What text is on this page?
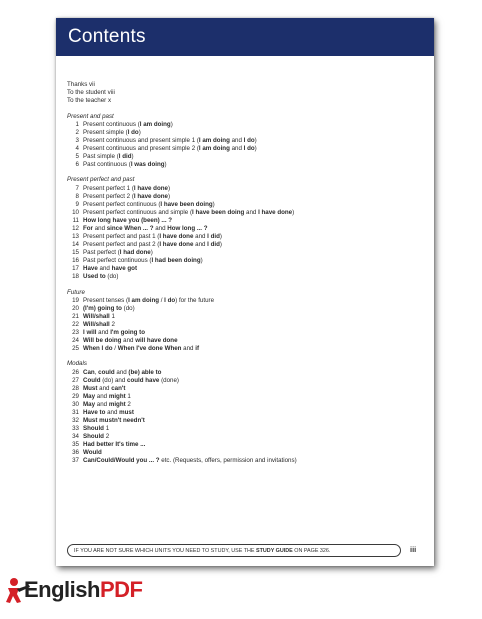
Contents
Thanks vii
To the student viii
To the teacher x
Present and past
1 Present continuous (I am doing)
2 Present simple (I do)
3 Present continuous and present simple 1 (I am doing and I do)
4 Present continuous and present simple 2 (I am doing and I do)
5 Past simple (I did)
6 Past continuous (I was doing)
Present perfect and past
7 Present perfect 1 (I have done)
8 Present perfect 2 (I have done)
9 Present perfect continuous (I have been doing)
10 Present perfect continuous and simple (I have been doing and I have done)
11 How long have you (been) ... ?
12 For and since When ... ? and How long ... ?
13 Present perfect and past 1 (I have done and I did)
14 Present perfect and past 2 (I have done and I did)
15 Past perfect (I had done)
16 Past perfect continuous (I had been doing)
17 Have and have got
18 Used to (do)
Future
19 Present tenses (I am doing / I do) for the future
20 (I'm) going to (do)
21 Will/shall 1
22 Will/shall 2
23 I will and I'm going to
24 Will be doing and will have done
25 When I do / When I've done When and if
Modals
26 Can, could and (be) able to
27 Could (do) and could have (done)
28 Must and can't
29 May and might 1
30 May and might 2
31 Have to and must
32 Must mustn't needn't
33 Should 1
34 Should 2
35 Had better It's time ...
36 Would
37 Can/Could/Would you ... ? etc. (Requests, offers, permission and invitations)
IF YOU ARE NOT SURE WHICH UNITS YOU NEED TO STUDY, USE THE STUDY GUIDE ON PAGE 326.	iii
EnglishPDF
